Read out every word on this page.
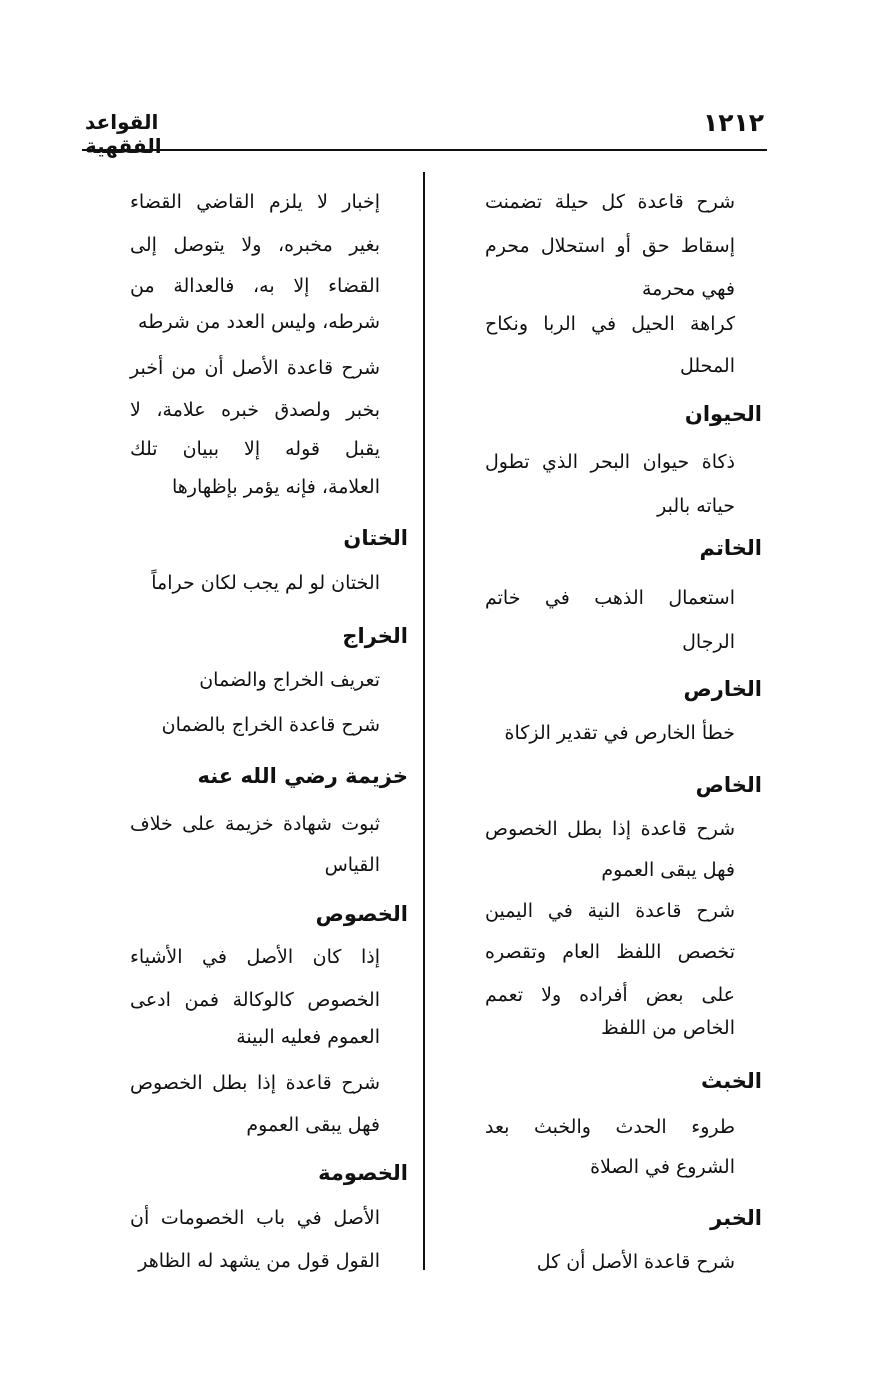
١٢١٢
القواعد الفقهية
شرح قاعدة كل حيلة تضمنت
إسقاط حق أو استحلال محرم
فهي محرمة
كراهة الحيل في الربا ونكاح
المحلل
الحيوان
ذكاة حيوان البحر الذي تطول
حياته بالبر
الخاتم
استعمال الذهب في خاتم
الرجال
الخارص
خطأ الخارص في تقدير الزكاة
الخاص
شرح قاعدة إذا بطل الخصوص
فهل يبقى العموم
شرح قاعدة النية في اليمين
تخصص اللفظ العام وتقصره
على بعض أفراده ولا تعمم
الخاص من اللفظ
الخبث
طروء الحدث والخبث بعد
الشروع في الصلاة
الخبر
شرح قاعدة الأصل أن كل
إخبار لا يلزم القاضي القضاء
بغير مخبره، ولا يتوصل إلى
القضاء إلا به، فالعدالة من
شرطه، وليس العدد من شرطه
شرح قاعدة الأصل أن من أخبر
بخبر ولصدق خبره علامة، لا
يقبل قوله إلا ببيان تلك
العلامة، فإنه يؤمر بإظهارها
الختان
الختان لو لم يجب لكان حراماً
الخراج
تعريف الخراج والضمان
شرح قاعدة الخراج بالضمان
خزيمة رضي الله عنه
ثبوت شهادة خزيمة على خلاف
القياس
الخصوص
إذا كان الأصل في الأشياء
الخصوص كالوكالة فمن ادعى
العموم فعليه البينة
شرح قاعدة إذا بطل الخصوص
فهل يبقى العموم
الخصومة
الأصل في باب الخصومات أن
القول قول من يشهد له الظاهر
